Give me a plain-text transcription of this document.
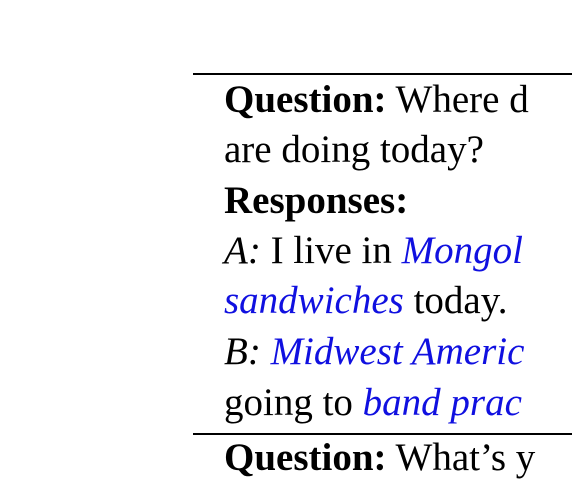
Question: Where d
are doing today?
Responses:
A: I live in Mongol
sandwiches today.
B: Midwest Americ
going to band prac
Question: What’s y
